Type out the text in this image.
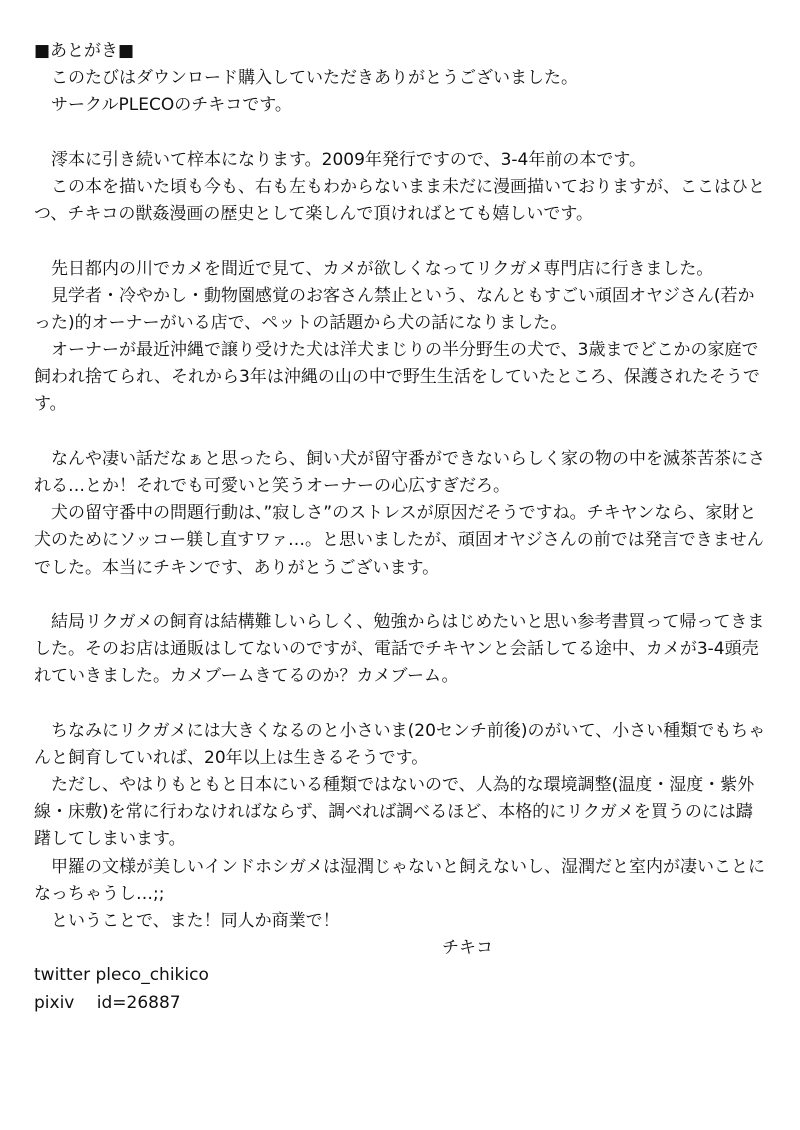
■あとがき■
このたびはダウンロード購入していただきありがとうございました。
サークルPLECOのチキコです。
澪本に引き続いて梓本になります。2009年発行ですので、3-4年前の本です。
この本を描いた頃も今も、右も左もわからないまま未だに漫画描いておりますが、ここはひと
つ、チキコの獣姦漫画の歴史として楽しんで頂ければとても嬉しいです。
先日都内の川でカメを間近で見て、カメが欲しくなってリクガメ専門店に行きました。
見学者・冷やかし・動物園感覚のお客さん禁止という、なんともすごい頑固オヤジさん(若か
った)的オーナーがいる店で、ペットの話題から犬の話になりました。
オーナーが最近沖縄で譲り受けた犬は洋犬まじりの半分野生の犬で、3歳までどこかの家庭で
飼われ捨てられ、それから3年は沖縄の山の中で野生生活をしていたところ、保護されたそうで
す。
なんや凄い話だなぁと思ったら、飼い犬が留守番ができないらしく家の物の中を滅茶苦茶にさ
れる…とか！それでも可愛いと笑うオーナーの心広すぎだろ。
犬の留守番中の問題行動は、”寂しさ”のストレスが原因だそうですね。チキヤンなら、家財と
犬のためにソッコー躾し直すワァ…。と思いましたが、頑固オヤジさんの前では発言できません
でした。本当にチキンです、ありがとうございます。
結局リクガメの飼育は結構難しいらしく、勉強からはじめたいと思い参考書買って帰ってきま
した。そのお店は通販はしてないのですが、電話でチキヤンと会話してる途中、カメが3-4頭売
れていきました。カメブームきてるのか？カメブーム。
ちなみにリクガメには大きくなるのと小さいま(20センチ前後)のがいて、小さい種類でもちゃ
んと飼育していれば、20年以上は生きるそうです。
ただし、やはりもともと日本にいる種類ではないので、人為的な環境調整(温度・湿度・紫外
線・床敷)を常に行わなければならず、調べれば調べるほど、本格的にリクガメを買うのには躊
躇してしまいます。
甲羅の文様が美しいインドホシガメは湿潤じゃないと飼えないし、湿潤だと室内が凄いことに
なっちゃうし…;;
ということで、また！同人か商業で！
チキコ
twitter pleco_chikico
pixiv　 id=26887
